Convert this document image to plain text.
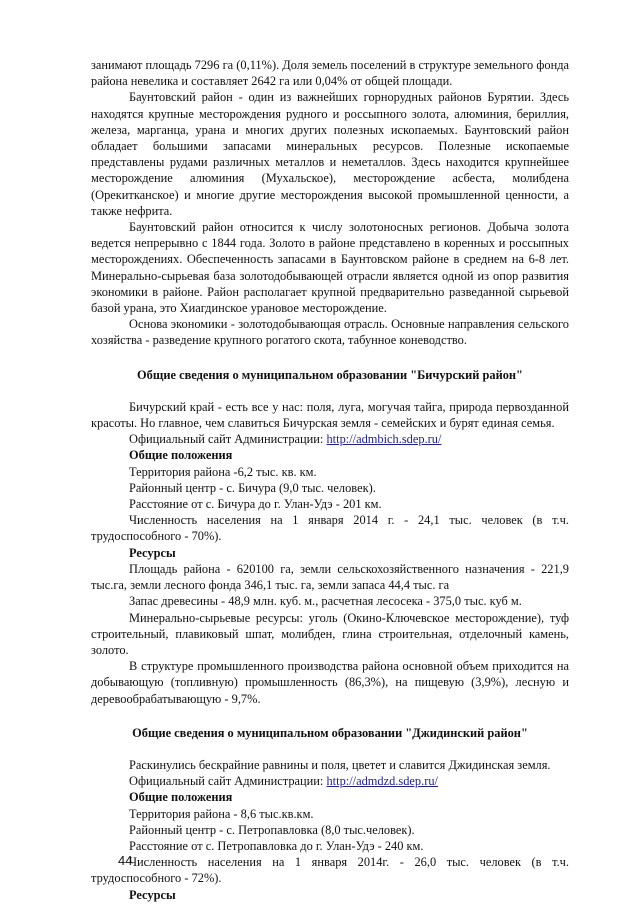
занимают площадь 7296 га (0,11%). Доля земель поселений в структуре земельного фонда района невелика и составляет 2642 га или 0,04% от общей площади.

Баунтовский район - один из важнейших горнорудных районов Бурятии. Здесь находятся крупные месторождения рудного и россыпного золота, алюминия, бериллия, железа, марганца, урана и многих других полезных ископаемых. Баунтовский район обладает большими запасами минеральных ресурсов. Полезные ископаемые представлены рудами различных металлов и неметаллов. Здесь находится крупнейшее месторождение алюминия (Мухальское), месторождение асбеста, молибдена (Орекитканское) и многие другие месторождения высокой промышленной ценности, а также нефрита.

Баунтовский район относится к числу золотоносных регионов. Добыча золота ведется непрерывно с 1844 года. Золото в районе представлено в коренных и россыпных месторождениях. Обеспеченность запасами в Баунтовском районе в среднем на 6-8 лет. Минерально-сырьевая база золотодобывающей отрасли является одной из опор развития экономики в районе. Район располагает крупной предварительно разведанной сырьевой базой урана, это Хиагдинское урановое месторождение.

Основа экономики - золотодобывающая отрасль. Основные направления сельского хозяйства - разведение крупного рогатого скота, табунное коневодство.

Общие сведения о муниципальном образовании "Бичурский район"

Бичурский край - есть все у нас: поля, луга, могучая тайга, природа первозданной красоты. Но главное, чем славиться Бичурская земля - семейских и бурят единая семья.

Официальный сайт Администрации: http://admbich.sdep.ru/

Общие положения

Территория района -6,2 тыс. кв. км.

Районный центр - с. Бичура (9,0 тыс. человек).

Расстояние от с. Бичура до г. Улан-Удэ - 201 км.

Численность населения на 1 января 2014 г. - 24,1 тыс. человек (в т.ч. трудоспособного - 70%).

Ресурсы

Площадь района - 620100 га, земли сельскохозяйственного назначения - 221,9 тыс.га, земли лесного фонда 346,1 тыс. га, земли запаса 44,4 тыс. га

Запас древесины - 48,9 млн. куб. м., расчетная лесосека - 375,0 тыс. куб м.

Минерально-сырьевые ресурсы: уголь (Окино-Ключевское месторождение), туф строительный, плавиковый шпат, молибден, глина строительная, отделочный камень, золото.

В структуре промышленного производства района основной объем приходится на добывающую (топливную) промышленность (86,3%), на пищевую (3,9%), лесную и деревообрабатывающую - 9,7%.

Общие сведения о муниципальном образовании "Джидинский район"

Раскинулись бескрайние равнины и поля, цветет и славится Джидинская земля.

Официальный сайт Администрации: http://admdzd.sdep.ru/

Общие положения

Территория района - 8,6 тыс.кв.км.

Районный центр - с. Петропавловка (8,0 тыс.человек).

Расстояние от с. Петропавловка до г. Улан-Удэ - 240 км.

Численность населения на 1 января 2014г. - 26,0 тыс. человек (в т.ч. трудоспособного - 72%).

Ресурсы

44
